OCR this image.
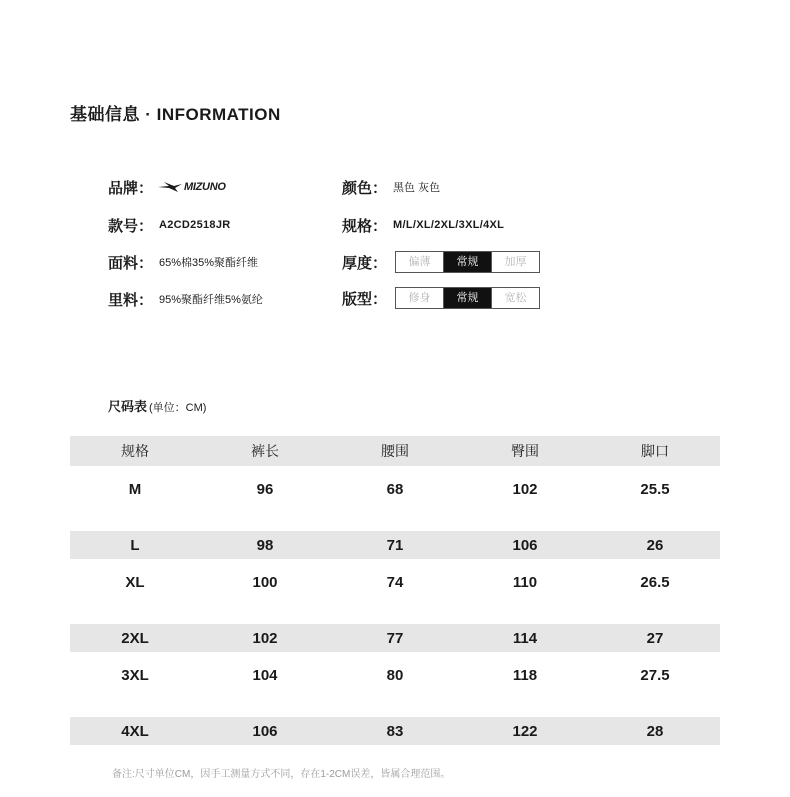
基础信息 · INFORMATION
品牌：	MIZUNO
款号： A2CD2518JR
面料： 65%棉35%聚酯纤维
里料： 95%聚酯纤维5%氨纶
颜色： 黑色 灰色
规格： M/L/XL/2XL/3XL/4XL
厚度：	偏薄	常规	加厚
版型：	修身	常规	宽松
尺码表 (单位：CM)
规格	裤长	腰围	臀围	脚口
M	96	68	102	25.5

L	98	71	106	26
XL	100	74	110	26.5

2XL	102	77	114	27
3XL	104	80	118	27.5

4XL	106	83	122	28
备注:尺寸单位CM，因手工测量方式不同，存在1-2CM误差，皆属合理范围。
